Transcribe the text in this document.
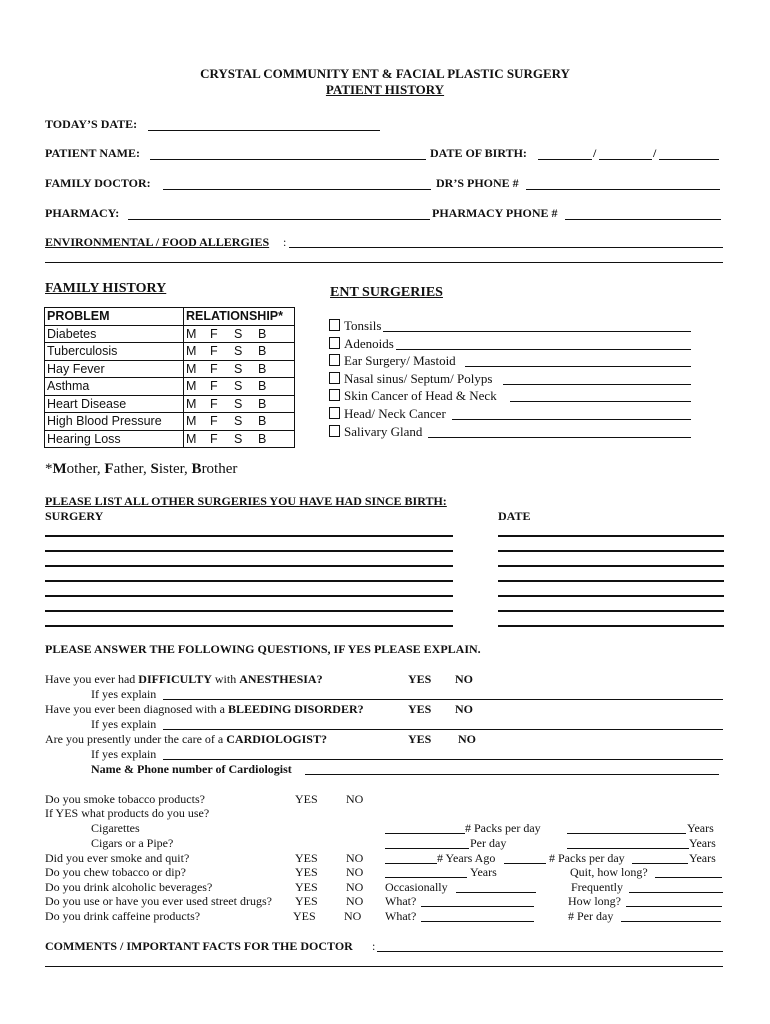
CRYSTAL COMMUNITY ENT & FACIAL PLASTIC SURGERY
PATIENT HISTORY
TODAY’S DATE:
PATIENT NAME:	DATE OF BIRTH:	/	/
FAMILY DOCTOR:	DR’S PHONE #
PHARMACY:	PHARMACY PHONE #
ENVIRONMENTAL / FOOD ALLERGIES :
FAMILY HISTORY
PROBLEM	RELATIONSHIP*
Diabetes	M F S B
Tuberculosis	M F S B
Hay Fever	M F S B
Asthma	M F S B
Heart Disease	M F S B
High Blood Pressure	M F S B
Hearing Loss	M F S B
*Mother, Father, Sister, Brother
ENT SURGERIES
Tonsils
Adenoids
Ear Surgery/ Mastoid
Nasal sinus/ Septum/ Polyps
Skin Cancer of Head & Neck
Head/ Neck Cancer
Salivary Gland
PLEASE LIST ALL OTHER SURGERIES YOU HAVE HAD SINCE BIRTH:
SURGERY	DATE
PLEASE ANSWER THE FOLLOWING QUESTIONS, IF YES PLEASE EXPLAIN.
Have you ever had DIFFICULTY with ANESTHESIA?	YES NO
If yes explain
Have you ever been diagnosed with a BLEEDING DISORDER?	YES NO
If yes explain
Are you presently under the care of a CARDIOLOGIST?	YES NO
If yes explain
Name & Phone number of Cardiologist
Do you smoke tobacco products?	YES NO
If YES what products do you use?
Cigarettes	# Packs per day	Years
Cigars or a Pipe?	Per day	Years
Did you ever smoke and quit?	YES NO	# Years Ago	# Packs per day	Years
Do you chew tobacco or dip?	YES NO	Years	Quit, how long?
Do you drink alcoholic beverages?	YES NO Occasionally	Frequently
Do you use or have you ever used street drugs? YES NO What?	How long?
Do you drink caffeine products?	YES NO What?	# Per day
COMMENTS / IMPORTANT FACTS FOR THE DOCTOR :
